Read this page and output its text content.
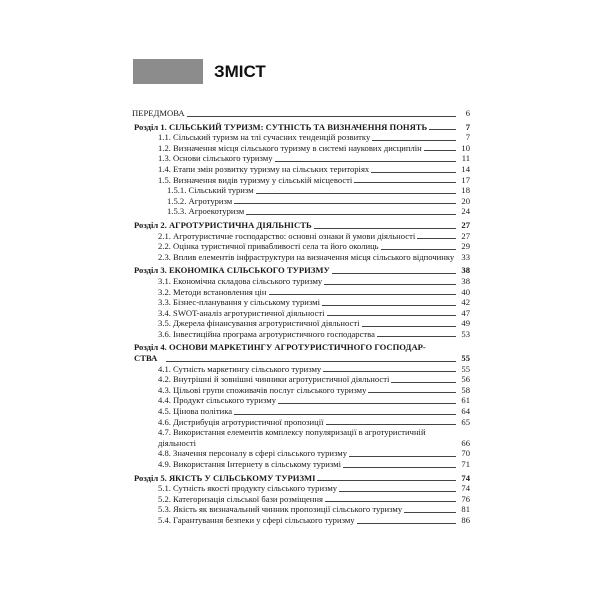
ЗМІСТ
ПЕРЕДМОВА	6
Розділ 1. СІЛЬСЬКИЙ ТУРИЗМ: СУТНІСТЬ ТА ВИЗНАЧЕННЯ ПОНЯТЬ	7
1.1. Сільський туризм на тлі сучасних тенденцій розвитку	7
1.2. Визначення місця сільського туризму в системі наукових дисциплін	10
1.3. Основи сільського туризму	11
1.4. Етапи змін розвитку туризму на сільських територіях	14
1.5. Визначення видів туризму у сільській місцевості	17
1.5.1. Сільський туризм	18
1.5.2. Агротуризм	20
1.5.3. Агроекотуризм	24
Розділ 2. АГРОТУРИСТИЧНА ДІЯЛЬНІСТЬ	27
2.1. Агротуристичне господарство: основні ознаки й умови діяльності	27
2.2. Оцінка туристичної привабливості села та його околиць	29
2.3. Вплив елементів інфраструктури на визначення місця сільського відпочинку 33
Розділ 3. ЕКОНОМІКА СІЛЬСЬКОГО ТУРИЗМУ	38
3.1. Економічна складова сільського туризму	38
3.2. Методи встановлення цін	40
3.3. Бізнес-планування у сільському туризмі	42
3.4. SWOT-аналіз агротуристичної діяльності	47
3.5. Джерела фінансування агротуристичної діяльності	49
3.6. Інвестиційна програма агротуристичного господарства	53
Розділ 4. ОСНОВИ МАРКЕТИНГУ АГРОТУРИСТИЧНОГО ГОСПОДАР-
СТВА	55
4.1. Сутність маркетингу сільського туризму	55
4.2. Внутрішні й зовнішні чинники агротуристичної діяльності	56
4.3. Цільові групи споживачів послуг сільського туризму	58
4.4. Продукт сільського туризму	61
4.5. Цінова політика	64
4.6. Дистрибуція агротуристичної пропозиції	65
4.7. Використання елементів комплексу популяризації в агротуристичній діяльності	66
4.8. Значення персоналу в сфері сільського туризму	70
4.9. Використання Інтернету в сільському туризмі	71
Розділ 5. ЯКІСТЬ У СІЛЬСЬКОМУ ТУРИЗМІ	74
5.1. Сутність якості продукту сільського туризму	74
5.2. Категоризація сільської бази розміщення	76
5.3. Якість як визначальний чинник пропозиції сільського туризму	81
5.4. Гарантування безпеки у сфері сільського туризму	86
